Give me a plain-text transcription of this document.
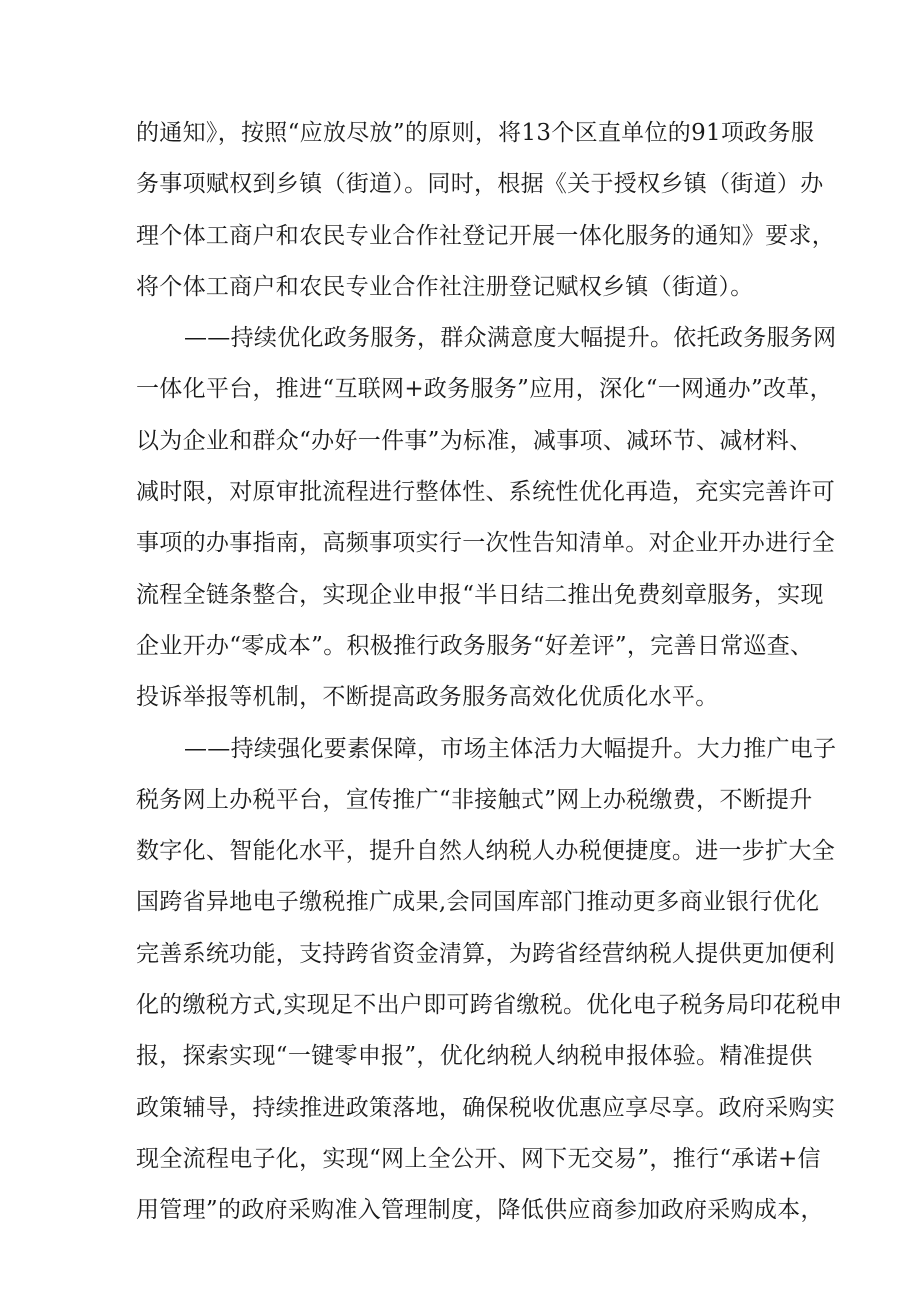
的通知》，按照“应放尽放”的原则，将13个区直单位的91项政务服
务事项赋权到乡镇（街道）。同时，根据《关于授权乡镇（街道）办
理个体工商户和农民专业合作社登记开展一体化服务的通知》要求，
将个体工商户和农民专业合作社注册登记赋权乡镇（街道）。
——持续优化政务服务，群众满意度大幅提升。依托政务服务网
一体化平台，推进“互联网+政务服务”应用，深化“一网通办”改革，
以为企业和群众“办好一件事”为标准，减事项、减环节、减材料、
减时限，对原审批流程进行整体性、系统性优化再造，充实完善许可
事项的办事指南，高频事项实行一次性告知清单。对企业开办进行全
流程全链条整合，实现企业申报“半日结二推出免费刻章服务，实现
企业开办“零成本”。积极推行政务服务“好差评”，完善日常巡查、
投诉举报等机制，不断提高政务服务高效化优质化水平。
——持续强化要素保障，市场主体活力大幅提升。大力推广电子
税务网上办税平台，宣传推广“非接触式”网上办税缴费，不断提升
数字化、智能化水平，提升自然人纳税人办税便捷度。进一步扩大全
国跨省异地电子缴税推广成果,会同国库部门推动更多商业银行优化
完善系统功能，支持跨省资金清算，为跨省经营纳税人提供更加便利
化的缴税方式,实现足不出户即可跨省缴税。优化电子税务局印花税申
报，探索实现“一键零申报”，优化纳税人纳税申报体验。精准提供
政策辅导，持续推进政策落地，确保税收优惠应享尽享。政府采购实
现全流程电子化，实现“网上全公开、网下无交易”，推行“承诺+信
用管理”的政府采购准入管理制度，降低供应商参加政府采购成本，
